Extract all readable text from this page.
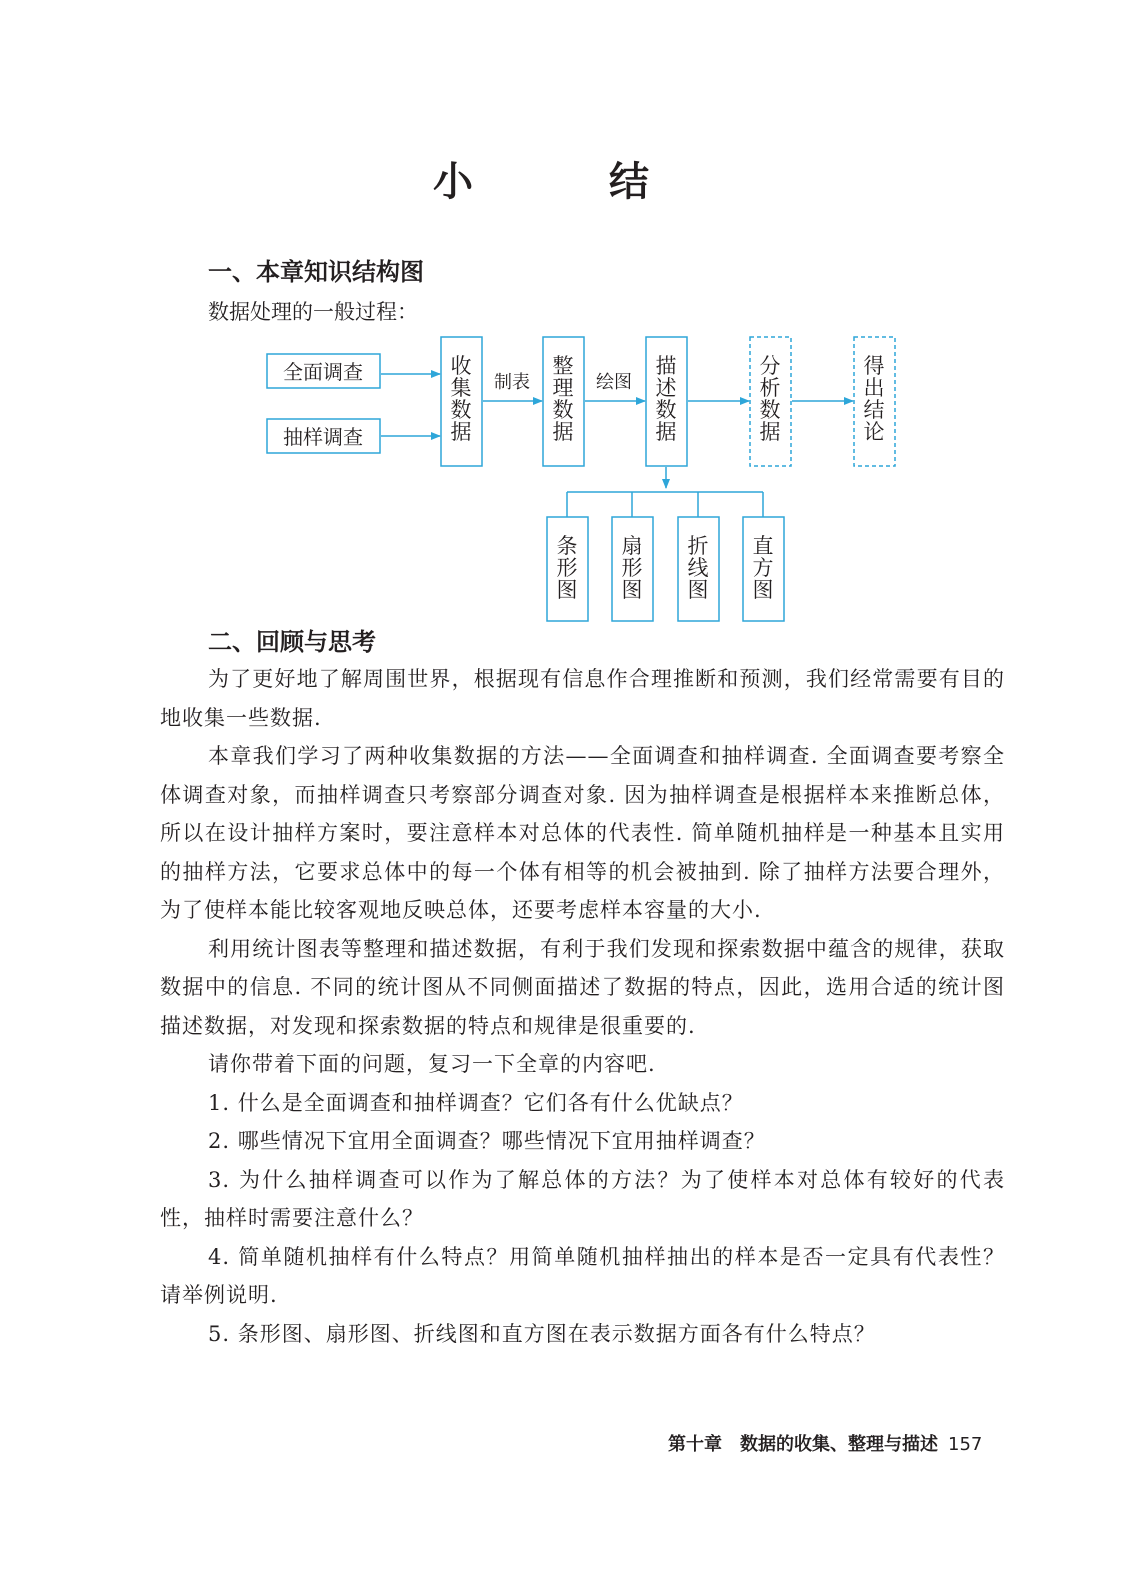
小　结
一、本章知识结构图
数据处理的一般过程：
全面调查
抽样调查
收集数据
制表
整理数据
绘图
描述数据
分析数据
得出结论
条形图
扇形图
折线图
直方图
二、回顾与思考

为了更好地了解周围世界，根据现有信息作合理推断和预测，我们经常需要有目的地收集一些数据.

本章我们学习了两种收集数据的方法——全面调查和抽样调查. 全面调查要考察全体调查对象，而抽样调查只考察部分调查对象. 因为抽样调查是根据样本来推断总体，所以在设计抽样方案时，要注意样本对总体的代表性. 简单随机抽样是一种基本且实用的抽样方法，它要求总体中的每一个体有相等的机会被抽到. 除了抽样方法要合理外，为了使样本能比较客观地反映总体，还要考虑样本容量的大小.

利用统计图表等整理和描述数据，有利于我们发现和探索数据中蕴含的规律，获取数据中的信息. 不同的统计图从不同侧面描述了数据的特点，因此，选用合适的统计图描述数据，对发现和探索数据的特点和规律是很重要的.

请你带着下面的问题，复习一下全章的内容吧.

1. 什么是全面调查和抽样调查？它们各有什么优缺点？

2. 哪些情况下宜用全面调查？哪些情况下宜用抽样调查？

3. 为什么抽样调查可以作为了解总体的方法？为了使样本对总体有较好的代表性，抽样时需要注意什么？

4. 简单随机抽样有什么特点？用简单随机抽样抽出的样本是否一定具有代表性？请举例说明.

5. 条形图、扇形图、折线图和直方图在表示数据方面各有什么特点？

第十章　数据的收集、整理与描述 157
